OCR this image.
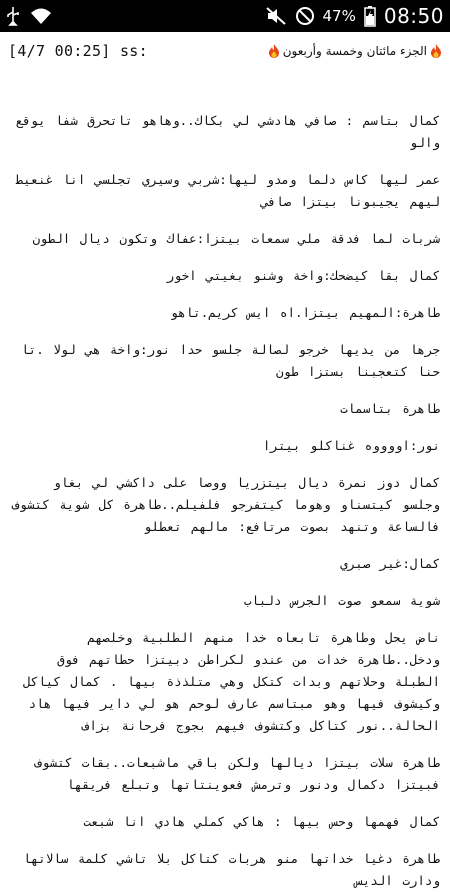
47% 08:50
[4/7 00:25] ss:	الجزء مائتان وخمسة وأربعون

كمال بتاسم : صافي هادشي لي بكاك..وهاهو تاتحرق شفا يوقع والو

عمر ليها كاس دلما ومدو ليها:شربي وسيري تجلسي انا غنعيط ليهم يجيبونا بيتزا صافي

شربات لما فدقة ملي سمعات بيتزا:عفاك وتكون ديال الطون

كمال بقا كيضحك:واخة وشنو بغيتي اخور

طاهرة:المهيم بيتزا.اه ايس كريم.تاهو

جرها من يديها خرجو لصالة جلسو حدا نور:واخة هي لولا .تا حنا كتعجبنا بستزا طون

طاهرة بتاسمات

نور:اووووه غناكلو بيترا

كمال دوز نمرة ديال بيتزريا ووصا على داكشي لي بغاو وجلسو كيتسناو وهوما كيتفرجو فلفيلم..طاهرة كل شوية كتشوف فالساعة وتنهد بصوت مرتافع: مالهم تعطلو

كمال:غير صبري

شوية سمعو صوت الجرس دلباب

ناض يحل وطاهرة تابعاه خدا منهم الطلبية وخلصهم ودخل..طاهرة خدات من عندو لكراطن دبيتزا حطاتهم فوق الطبلة وحلاتهم وبدات كتكل وهي متلذذة بيها . كمال كياكل وكيشوف فيها وهو مبتاسم عارف لوحم هو لي داير فيها هاد الحالة..نور كتاكل وكتشوف فيهم بجوج فرحانة بزاف

طاهرة سلات بيتزا ديالها ولكن باقي ماشبعات..بقات كتشوف فبيتزا دكمال ودنور وترمش فعوينتاتها وتبلع فريقها

كمال فهمها وحس بيها : هاكي كملي هادي انا شبعت

طاهرة دغيا خداتها منو هربات كتاكل بلا تاشي كلمة سالاتها ودارت الديس
